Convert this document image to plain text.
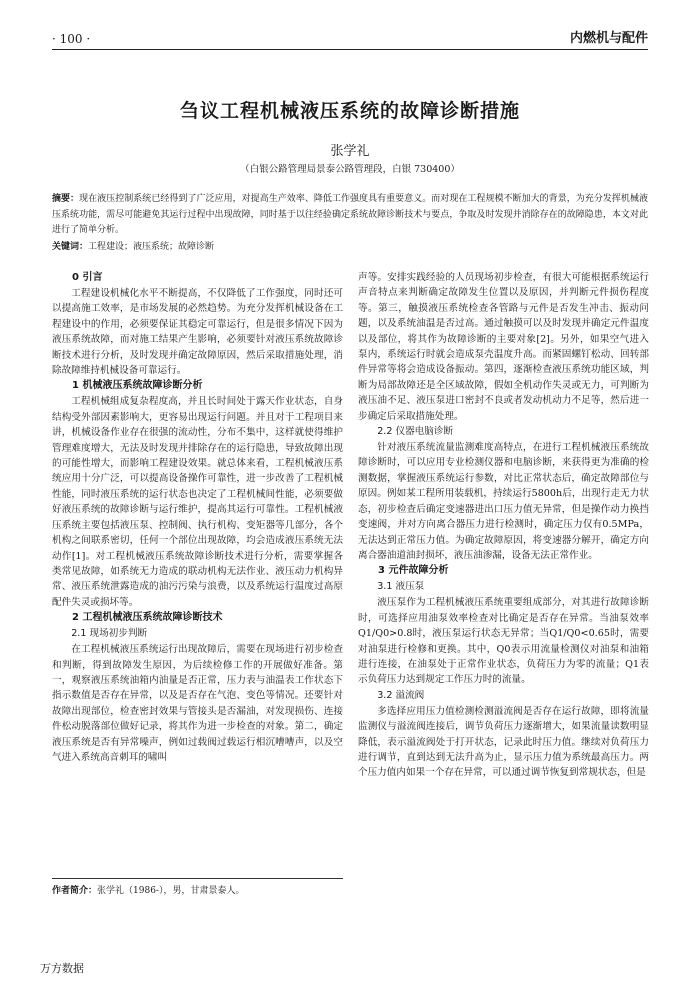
· 100 ·	内燃机与配件
刍议工程机械液压系统的故障诊断措施
张学礼
（白银公路管理局景泰公路管理段，白银 730400）
摘要：现在液压控制系统已经得到了广泛应用，对提高生产效率、降低工作强度具有重要意义。而对现在工程规模不断加大的背景，为充分发挥机械液压系统功能，需尽可能避免其运行过程中出现故障，同时基于以往经验确定系统故障诊断技术与要点，争取及时发现并消除存在的故障隐患，本文对此进行了简单分析。
关键词：工程建设；液压系统；故障诊断
0 引言

工程建设机械化水平不断提高，不仅降低了工作强度，同时还可以提高施工效率，是市场发展的必然趋势。为充分发挥机械设备在工程建设中的作用，必须要保证其稳定可靠运行，但是很多情况下因为液压系统故障，而对施工结果产生影响，必须要针对液压系统故障诊断技术进行分析，及时发现并确定故障原因，然后采取措施处理，消除故障维持机械设备可靠运行。

1 机械液压系统故障诊断分析

工程机械组成复杂程度高，并且长时间处于露天作业状态，自身结构受外部因素影响大，更容易出现运行问题。并且对于工程项目来讲，机械设备作业存在很强的流动性，分布不集中，这样就使得维护管理难度增大，无法及时发现并排除存在的运行隐患，导致故障出现的可能性增大，而影响工程建设效果。就总体来看，工程机械液压系统应用十分广泛，可以提高设备操作可靠性，进一步改善了工程机械性能，同时液压系统的运行状态也决定了工程机械间性能，必须要做好液压系统的故障诊断与运行维护，提高其运行可靠性。工程机械液压系统主要包括液压泵、控制阀、执行机构、变矩器等几部分，各个机构之间联系密切，任何一个部位出现故障，均会造成液压系统无法动作[1]。对工程机械液压系统故障诊断技术进行分析，需要掌握各类常见故障，如系统无力造成的联动机构无法作业、液压动力机构异常、液压系统泄露造成的油污污染与浪费，以及系统运行温度过高原配件失灵或损坏等。

2 工程机械液压系统故障诊断技术
2.1 现场初步判断

在工程机械液压系统运行出现故障后，需要在现场进行初步检查和判断，得到故障发生原因，为后续检修工作的开展做好准备。第一，观察液压系统油箱内油量是否正常，压力表与油温表工作状态下指示数值是否存在异常，以及是否存在气泡、变色等情况。还要针对故障出现部位，检查密封效果与管接头是否漏油，对发现损伤、连接件松动脱落部位做好记录，将其作为进一步检查的对象。第二，确定液压系统是否有异常噪声，例如过载阀过载运行相沉嘈嘈声，以及空气进入系统高音刺耳的啸叫

声等。安排实践经验的人员现场初步检查，有很大可能根据系统运行声音特点来判断确定故障发生位置以及原因，并判断元件损伤程度等。第三，触摸液压系统检查各管路与元件是否发生冲击、振动问题，以及系统油温是否过高。通过触摸可以及时发现并确定元件温度以及部位，将其作为故障诊断的主要对象[2]。另外，如果空气进入泵内，系统运行时就会造成泵壳温度升高。而紧固螺钉松动、回转部件异常等将会造成设备振动。第四，逐渐检查液压系统功能区域，判断为局部故障还是全区域故障，假如全机动作失灵或无力，可判断为液压油不足、液压泵进口密封不良或者发动机动力不足等，然后进一步确定后采取措施处理。

2.2 仪器电脑诊断

针对液压系统流量监测难度高特点，在进行工程机械液压系统故障诊断时，可以应用专业检测仪器和电脑诊断，来获得更为准确的检测数据，掌握液压系统运行参数，对比正常状态后，确定故障部位与原因。例如某工程所用装载机，持续运行5800h后，出现行走无力状态，初步检查后确定变速器进出口压力值无异常，但是操作动力换挡变速阀，并对方向离合器压力进行检测时，确定压力仅有0.5MPa，无法达到正常压力值。为确定故障原因，将变速器分解开，确定方向离合器油道油封损坏，液压油渗漏，设备无法正常作业。

3 元件故障分析
3.1 液压泵

液压泵作为工程机械液压系统重要组成部分，对其进行故障诊断时，可选择应用油泵效率检查对比确定是否存在异常。当油泵效率Q1/Q0>0.8时，液压泵运行状态无异常；当Q1/Q0<0.65时，需要对油泵进行检修和更换。其中，Q0表示用流量检测仪对油泵和油箱进行连接，在油泵处于正常作业状态，负荷压力为零的流量；Q1表示负荷压力达到规定工作压力时的流量。

3.2 溢流阀

多选择应用压力值检测检测溢流阀是否存在运行故障，即将流量监测仪与溢流阀连接后，调节负荷压力逐渐增大，如果流量读数明显降低，表示溢流阀处于打开状态，记录此时压力值。继续对负荷压力进行调节，直到达到无法升高为止，显示压力值为系统最高压力。两个压力值内如果一个存在异常，可以通过调节恢复到常规状态，但是

作者简介：张学礼（1986-），男，甘肃景泰人。
万方数据
